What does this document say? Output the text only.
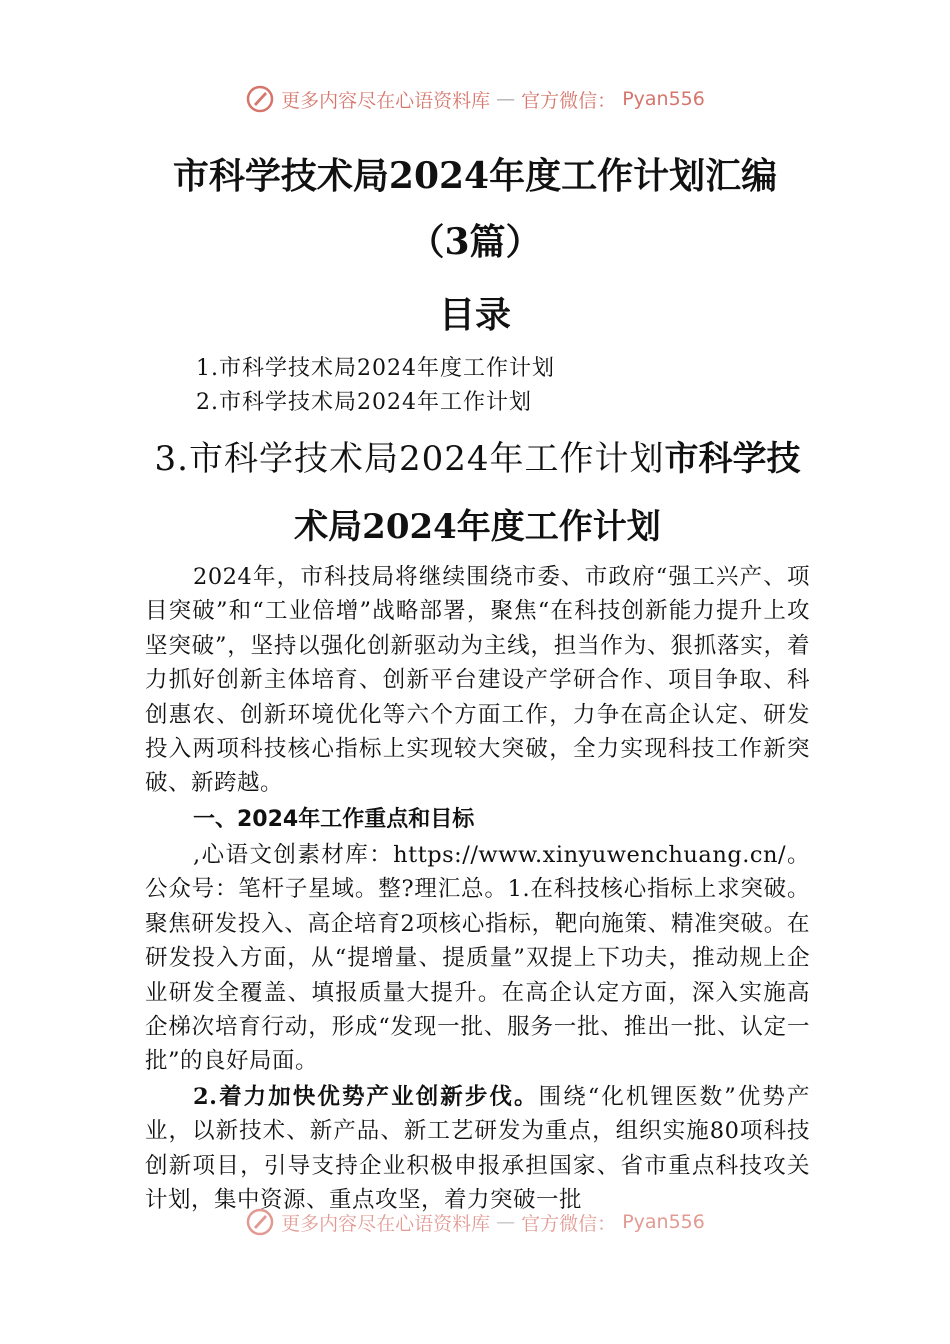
更多内容尽在心语资料库 — 官方微信： Pyan556
市科学技术局2024年度工作计划汇编（3篇）
目录
1.市科学技术局2024年度工作计划
2.市科学技术局2024年工作计划
3.市科学技术局2024年工作计划市科学技术局2024年度工作计划
2024年，市科技局将继续围绕市委、市政府“强工兴产、项目突破”和“工业倍增”战略部署，聚焦“在科技创新能力提升上攻坚突破”，坚持以强化创新驱动为主线，担当作为、狠抓落实，着力抓好创新主体培育、创新平台建设产学研合作、项目争取、科创惠农、创新环境优化等六个方面工作，力争在高企认定、研发投入两项科技核心指标上实现较大突破，全力实现科技工作新突破、新跨越。
一、2024年工作重点和目标
,心语文创素材库：https://www.xinyuwenchuang.cn/。公众号：笔杆子星域。整?理汇总。1.在科技核心指标上求突破。聚焦研发投入、高企培育2项核心指标，靶向施策、精准突破。在研发投入方面，从“提增量、提质量”双提上下功夫，推动规上企业研发全覆盖、填报质量大提升。在高企认定方面，深入实施高企梯次培育行动，形成“发现一批、服务一批、推出一批、认定一批”的良好局面。
2.着力加快优势产业创新步伐。围绕“化机锂医数”优势产业，以新技术、新产品、新工艺研发为重点，组织实施80项科技创新项目，引导支持企业积极申报承担国家、省市重点科技攻关计划，集中资源、重点攻坚，着力突破一批
更多内容尽在心语资料库 — 官方微信： Pyan556
